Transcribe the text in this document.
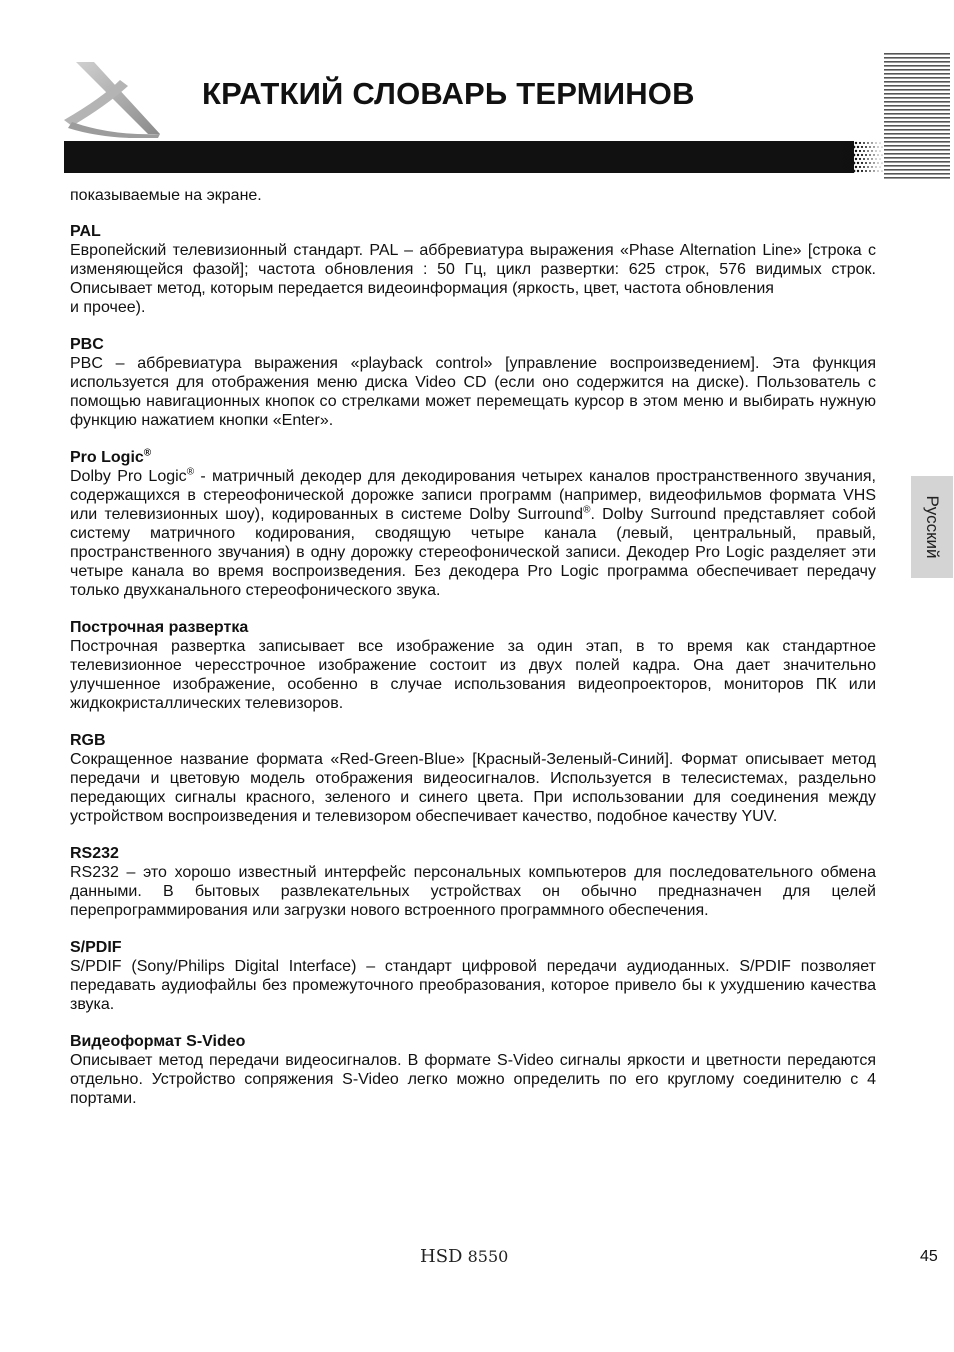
КРАТКИЙ СЛОВАРЬ ТЕРМИНОВ

показываемые на экране.

PAL

Европейский телевизионный стандарт. PAL – аббревиатура выражения «Phase Alternation Line» [строка с изменяющейся фазой]; частота обновления : 50 Гц, цикл развертки: 625 строк, 576 видимых строк. Описывает метод, которым передается видеоинформация (яркость, цвет, частота обновления

и прочее).

PBC

PBC – аббревиатура выражения «playback control» [управление воспроизведением]. Эта функция используется для отображения меню диска Video CD (если оно содержится на диске). Пользователь с помощью навигационных кнопок со стрелками может перемещать курсор в этом меню и выбирать нужную функцию нажатием кнопки «Enter».

Pro Logic®

Dolby Pro Logic® - матричный декодер для декодирования четырех каналов пространственного звучания, содержащихся в стереофонической дорожке записи программ (например, видеофильмов формата VHS или телевизионных шоу), кодированных в системе Dolby Surround®. Dolby Surround представляет собой систему матричного кодирования, сводящую четыре канала (левый, центральный, правый, пространственного звучания) в одну дорожку стереофонической записи. Декодер Pro Logic разделяет эти четыре канала во время воспроизведения. Без декодера Pro Logic программа обеспечивает передачу только двухканального стереофонического звука.

Построчная развертка

Построчная развертка записывает все изображение за один этап, в то время как стандартное телевизионное чересстрочное изображение состоит из двух полей кадра. Она дает значительно улучшенное изображение, особенно в случае использования видеопроекторов, мониторов ПК или жидкокристаллических телевизоров.

RGB

Сокращенное название формата «Red-Green-Blue» [Красный-Зеленый-Синий]. Формат описывает метод передачи и цветовую модель отображения видеосигналов. Используется в телесистемах, раздельно передающих сигналы красного, зеленого и синего цвета. При использовании для соединения между устройством воспроизведения и телевизором обеспечивает качество, подобное качеству YUV.

RS232

RS232 – это хорошо известный интерфейс персональных компьютеров для последовательного обмена данными. В бытовых развлекательных устройствах он обычно предназначен для целей перепрограммирования или загрузки нового встроенного программного обеспечения.

S/PDIF

S/PDIF (Sony/Philips Digital Interface) – стандарт цифровой передачи аудиоданных. S/PDIF позволяет передавать аудиофайлы без промежуточного преобразования, которое привело бы к ухудшению качества звука.

Видеоформат S-Video

Описывает метод передачи видеосигналов. В формате S-Video сигналы яркости и цветности передаются отдельно. Устройство сопряжения S-Video легко можно определить по его круглому соединителю с 4 портами.

Русский
HSD 8550	45
